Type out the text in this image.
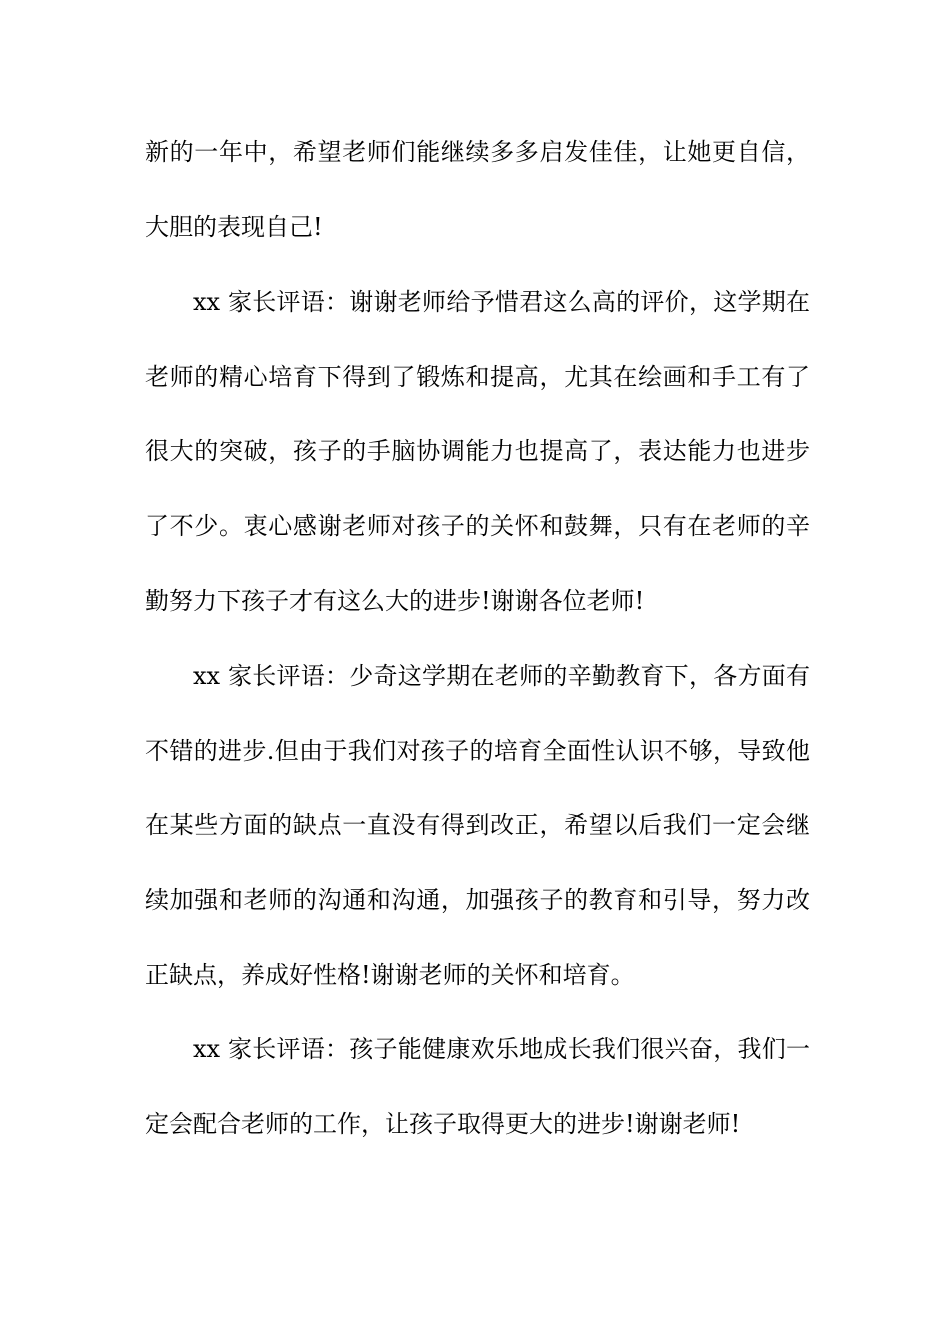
新的一年中，希望老师们能继续多多启发佳佳，让她更自信，

大胆的表现自己!

xx 家长评语：谢谢老师给予惜君这么高的评价，这学期在

老师的精心培育下得到了锻炼和提高，尤其在绘画和手工有了

很大的突破，孩子的手脑协调能力也提高了，表达能力也进步

了不少。衷心感谢老师对孩子的关怀和鼓舞，只有在老师的辛

勤努力下孩子才有这么大的进步!谢谢各位老师!

xx 家长评语：少奇这学期在老师的辛勤教育下，各方面有

不错的进步.但由于我们对孩子的培育全面性认识不够，导致他

在某些方面的缺点一直没有得到改正，希望以后我们一定会继

续加强和老师的沟通和沟通，加强孩子的教育和引导，努力改

正缺点，养成好性格!谢谢老师的关怀和培育。

xx 家长评语：孩子能健康欢乐地成长我们很兴奋，我们一

定会配合老师的工作，让孩子取得更大的进步!谢谢老师!
